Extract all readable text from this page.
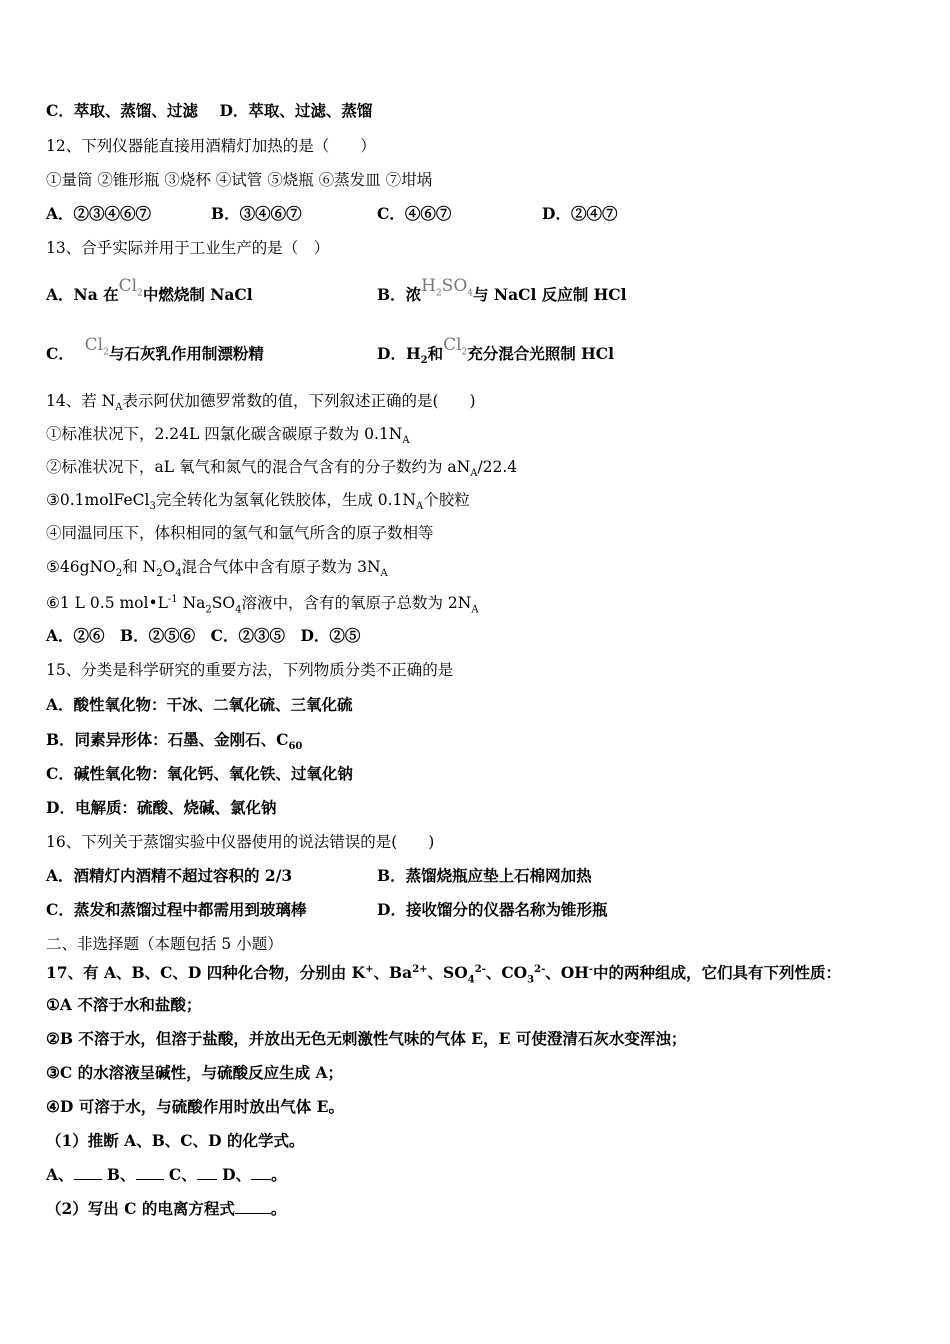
C．萃取、蒸馏、过滤 D．萃取、过滤、蒸馏
12、下列仪器能直接用酒精灯加热的是（　　）
①量筒 ②锥形瓶 ③烧杯 ④试管 ⑤烧瓶 ⑥蒸发皿 ⑦坩埚
A．②③④⑥⑦	B．③④⑥⑦	C．④⑥⑦	D．②④⑦
13、合乎实际并用于工业生产的是（　）
A．Na 在$Cl_2$中燃烧制 NaCl	B．浓$H_2SO_4$与 NaCl 反应制 HCl
C． $Cl_2$与石灰乳作用制漂粉精	D．$H_2$和$Cl_2$充分混合光照制 HCl
14、若 $N_A$表示阿伏加德罗常数的值，下列叙述正确的是(　　)
①标准状况下，2.24L 四氯化碳含碳原子数为 $0.1N_A$
②标准状况下，aL 氧气和氮气的混合气含有的分子数约为 $aN_A/22.4$
③0.1molFeCl$_3$完全转化为氢氧化铁胶体，生成 $0.1N_A$个胶粒
④同温同压下，体积相同的氢气和氩气所含的原子数相等
⑤46gNO$_2$和 $N_2O_4$混合气体中含有原子数为 $3N_A$
⑥1 L 0.5 $mol•L^{-1}$ $Na_2SO_4$溶液中，含有的氧原子总数为 $2N_A$
A．②⑥　B．②⑤⑥　C．②③⑤　D．②⑤
15、分类是科学研究的重要方法，下列物质分类不正确的是
A．酸性氧化物：干冰、二氧化硫、三氧化硫
B．同素异形体：石墨、金刚石、$C_{60}$
C．碱性氧化物：氧化钙、氧化铁、过氧化钠
D．电解质：硫酸、烧碱、氯化钠
16、下列关于蒸馏实验中仪器使用的说法错误的是(　　)
A．酒精灯内酒精不超过容积的 2/3	B．蒸馏烧瓶应垫上石棉网加热
C．蒸发和蒸馏过程中都需用到玻璃棒	D．接收馏分的仪器名称为锥形瓶
二、非选择题（本题包括 5 小题）
17、有 A、B、C、D 四种化合物，分别由 K+、$Ba^{2+}$、$SO_4^{2-}$、$CO_3^{2-}$、OH-中的两种组成，它们具有下列性质：
①A 不溶于水和盐酸；
②B 不溶于水，但溶于盐酸，并放出无色无刺激性气味的气体 E，E 可使澄清石灰水变浑浊；
③C 的水溶液呈碱性，与硫酸反应生成 A；
④D 可溶于水，与硫酸作用时放出气体 E。
（1）推断 A、B、C、D 的化学式。
A、 B、 C、 D、 。
（2）写出 C 的电离方程式 。
